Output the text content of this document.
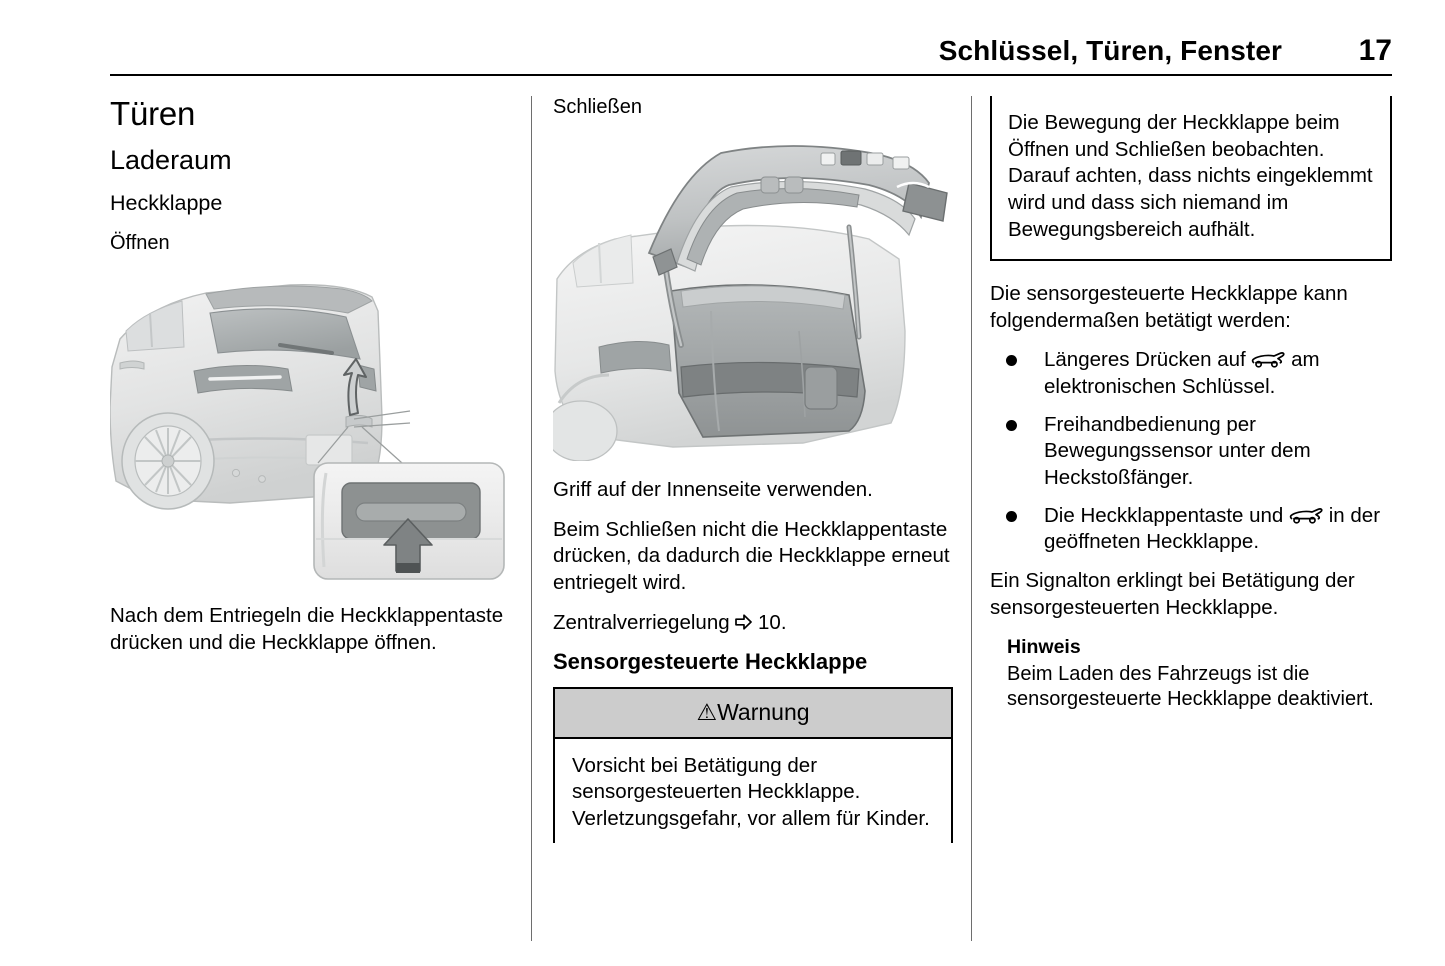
Schlüssel, Türen, Fenster	17
Türen
Laderaum
Heckklappe
Öffnen

Nach dem Entriegeln die Heckklappentaste drücken und die Heckklappe öffnen.

Schließen

Griff auf der Innenseite verwenden.

Beim Schließen nicht die Heckklappentaste drücken, da dadurch die Heckklappe erneut entriegelt wird.

Zentralverriegelung 10.

Sensorgesteuerte Heckklappe
⚠Warnung

Vorsicht bei Betätigung der sensorgesteuerten Heckklappe. Verletzungsgefahr, vor allem für Kinder.

Die Bewegung der Heckklappe beim Öffnen und Schließen beobachten. Darauf achten, dass nichts eingeklemmt wird und dass sich niemand im Bewegungsbereich aufhält.

Die sensorgesteuerte Heckklappe kann folgendermaßen betätigt werden:

Längeres Drücken auf am elektronischen Schlüssel.
Freihandbedienung per Bewegungssensor unter dem Heckstoßfänger.
Die Heckklappentaste und in der geöffneten Heckklappe.

Ein Signalton erklingt bei Betätigung der sensorgesteuerten Heckklappe.

Hinweis

Beim Laden des Fahrzeugs ist die sensorgesteuerte Heckklappe deaktiviert.
